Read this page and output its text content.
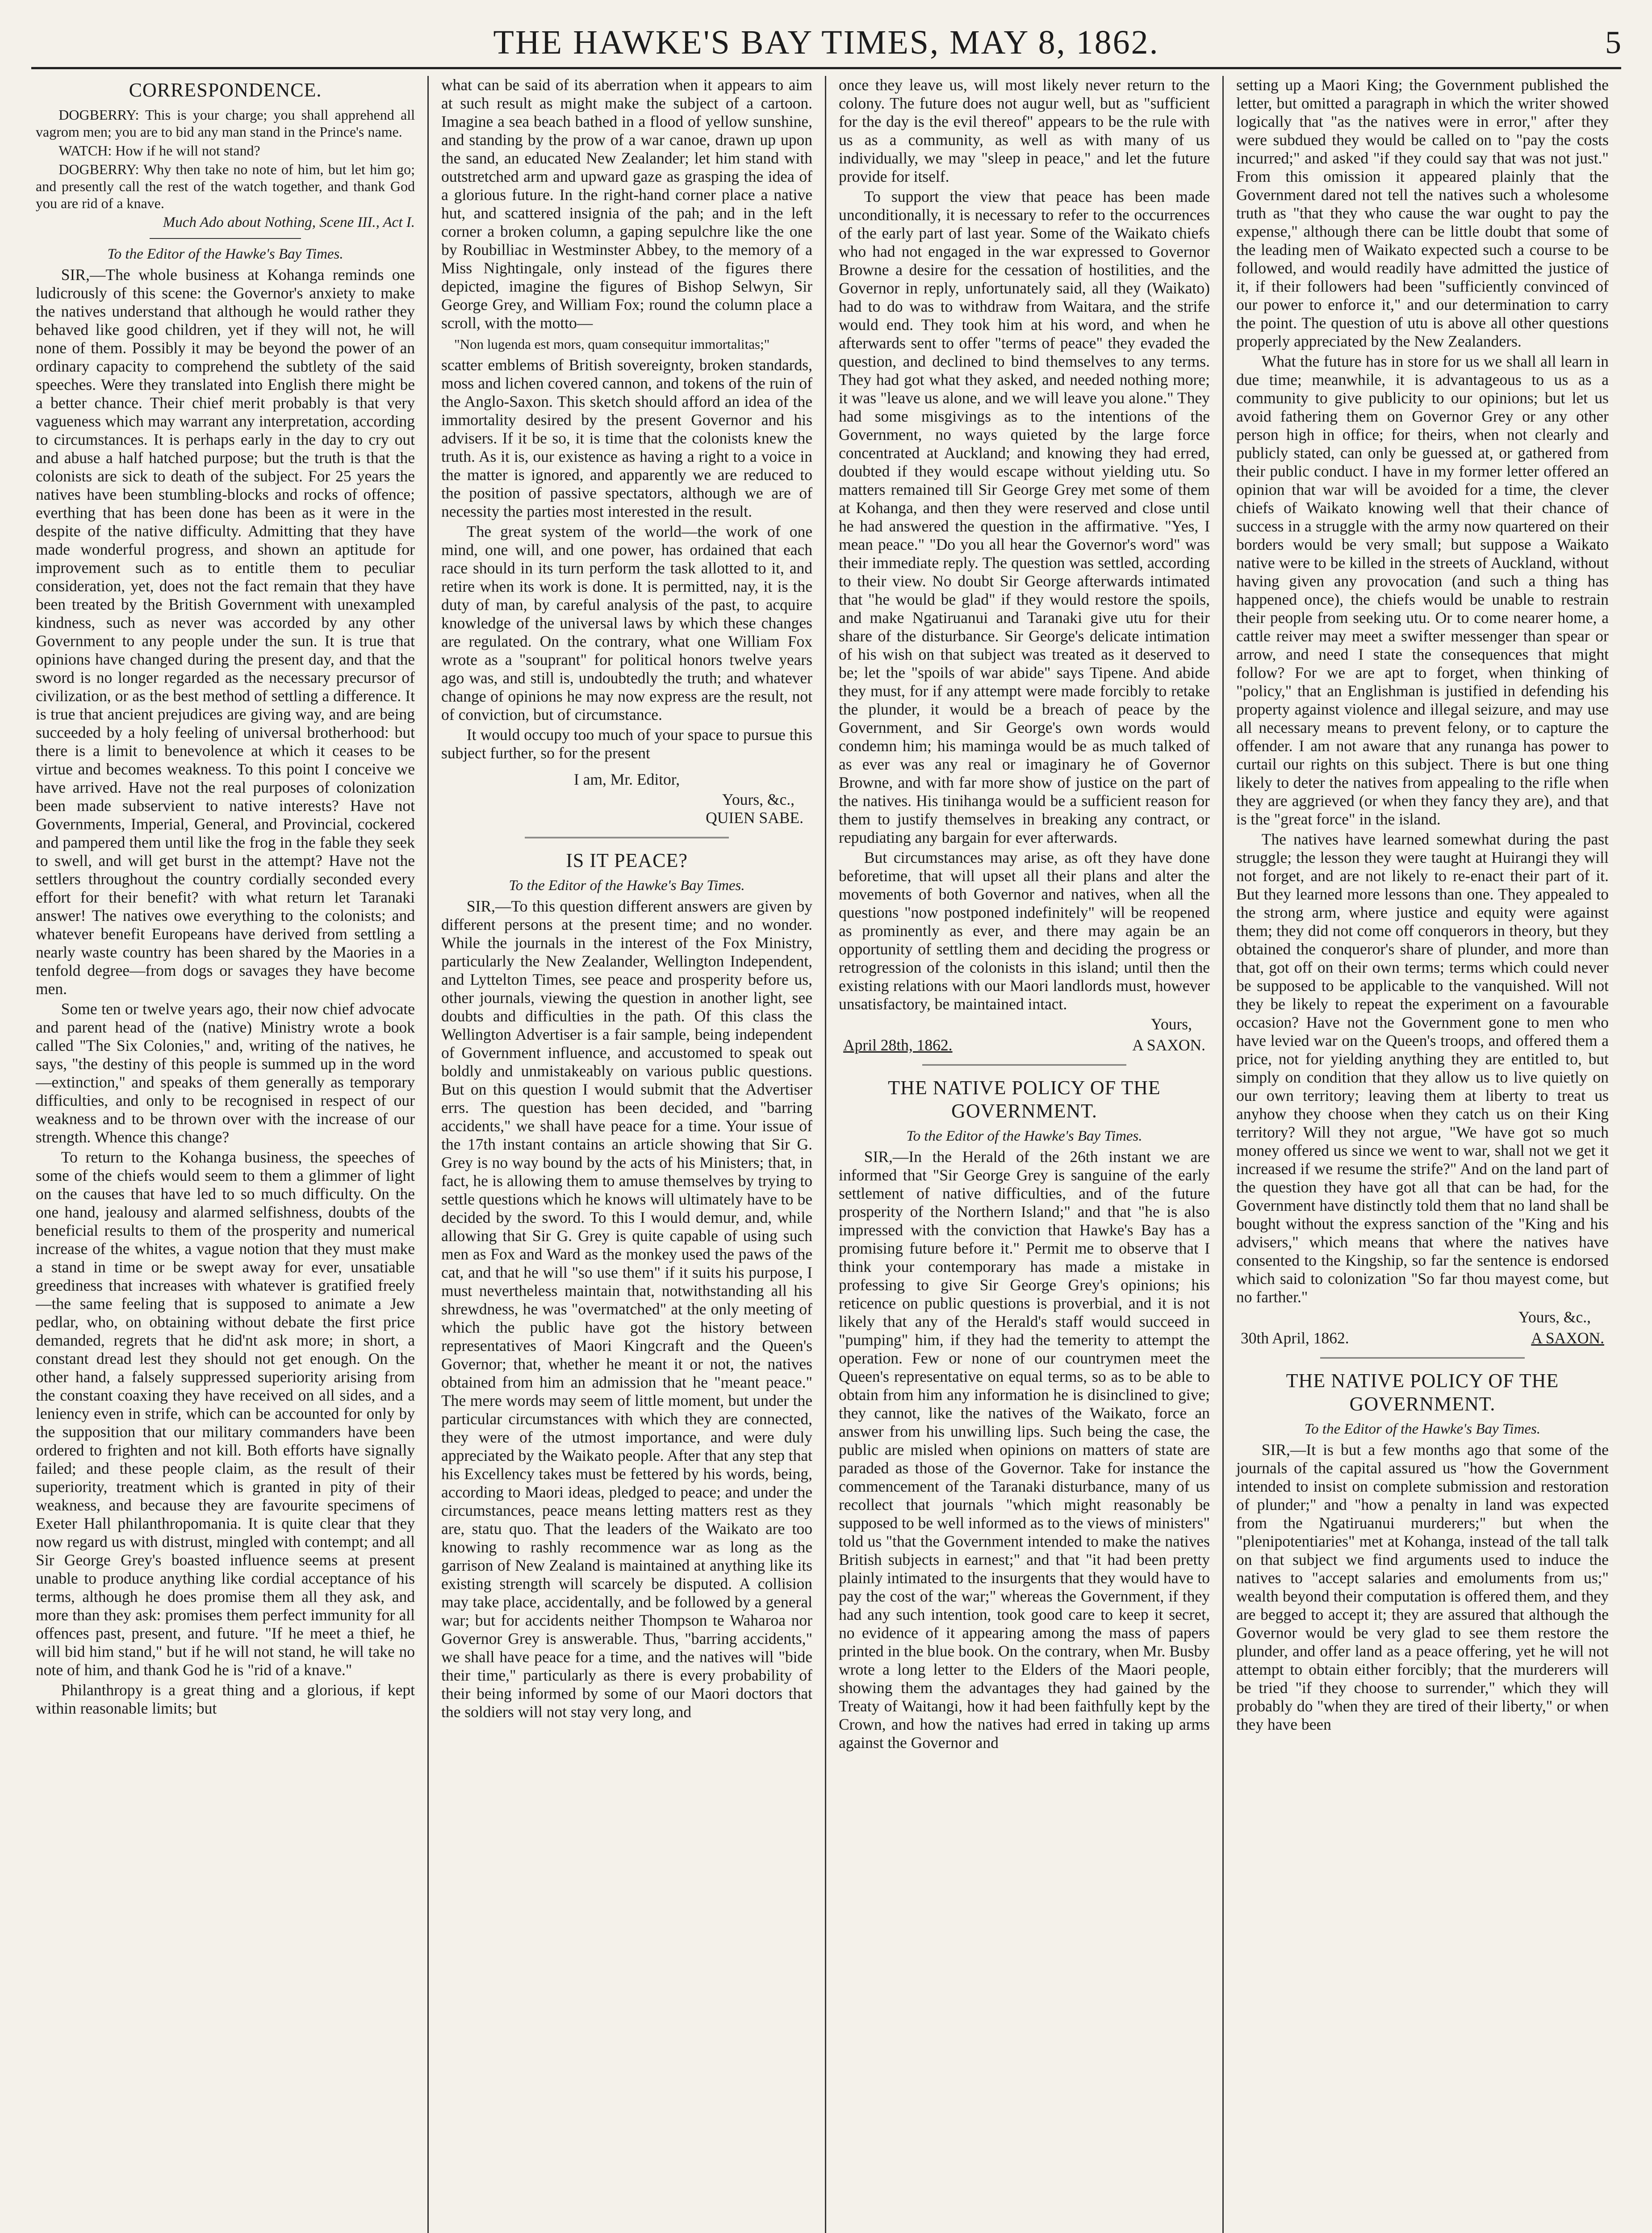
THE HAWKE'S BAY TIMES, MAY 8, 1862.	5
CORRESPONDENCE.

DOGBERRY: This is your charge; you shall apprehend all vagrom men; you are to bid any man stand in the Prince's name.

WATCH: How if he will not stand?

DOGBERRY: Why then take no note of him, but let him go; and presently call the rest of the watch together, and thank God you are rid of a knave.

Much Ado about Nothing, Scene III., Act I.
To the Editor of the Hawke's Bay Times.

SIR,—The whole business at Kohanga reminds one ludicrously of this scene: the Governor's anxiety to make the natives understand that although he would rather they behaved like good children, yet if they will not, he will none of them. Possibly it may be beyond the power of an ordinary capacity to comprehend the subtlety of the said speeches. Were they translated into English there might be a better chance. Their chief merit probably is that very vagueness which may warrant any interpretation, according to circumstances. It is perhaps early in the day to cry out and abuse a half hatched purpose; but the truth is that the colonists are sick to death of the subject. For 25 years the natives have been stumbling-blocks and rocks of offence; everthing that has been done has been as it were in the despite of the native difficulty. Admitting that they have made wonderful progress, and shown an aptitude for improvement such as to entitle them to peculiar consideration, yet, does not the fact remain that they have been treated by the British Government with unexampled kindness, such as never was accorded by any other Government to any people under the sun. It is true that opinions have changed during the present day, and that the sword is no longer regarded as the necessary precursor of civilization, or as the best method of settling a difference. It is true that ancient prejudices are giving way, and are being succeeded by a holy feeling of universal brotherhood: but there is a limit to benevolence at which it ceases to be virtue and becomes weakness. To this point I conceive we have arrived. Have not the real purposes of colonization been made subservient to native interests? Have not Governments, Imperial, General, and Provincial, cockered and pampered them until like the frog in the fable they seek to swell, and will get burst in the attempt? Have not the settlers throughout the country cordially seconded every effort for their benefit? with what return let Taranaki answer! The natives owe everything to the colonists; and whatever benefit Europeans have derived from settling a nearly waste country has been shared by the Maories in a tenfold degree—from dogs or savages they have become men.

Some ten or twelve years ago, their now chief advocate and parent head of the (native) Ministry wrote a book called "The Six Colonies," and, writing of the natives, he says, "the destiny of this people is summed up in the word—extinction," and speaks of them generally as temporary difficulties, and only to be recognised in respect of our weakness and to be thrown over with the increase of our strength. Whence this change?

To return to the Kohanga business, the speeches of some of the chiefs would seem to them a glimmer of light on the causes that have led to so much difficulty. On the one hand, jealousy and alarmed selfishness, doubts of the beneficial results to them of the prosperity and numerical increase of the whites, a vague notion that they must make a stand in time or be swept away for ever, unsatiable greediness that increases with whatever is gratified freely—the same feeling that is supposed to animate a Jew pedlar, who, on obtaining without debate the first price demanded, regrets that he did'nt ask more; in short, a constant dread lest they should not get enough. On the other hand, a falsely suppressed superiority arising from the constant coaxing they have received on all sides, and a leniency even in strife, which can be accounted for only by the supposition that our military commanders have been ordered to frighten and not kill. Both efforts have signally failed; and these people claim, as the result of their superiority, treatment which is granted in pity of their weakness, and because they are favourite specimens of Exeter Hall philanthropomania. It is quite clear that they now regard us with distrust, mingled with contempt; and all Sir George Grey's boasted influence seems at present unable to produce anything like cordial acceptance of his terms, although he does promise them all they ask, and more than they ask: promises them perfect immunity for all offences past, present, and future. "If he meet a thief, he will bid him stand," but if he will not stand, he will take no note of him, and thank God he is "rid of a knave."

Philanthropy is a great thing and a glorious, if kept within reasonable limits; but

what can be said of its aberration when it appears to aim at such result as might make the subject of a cartoon. Imagine a sea beach bathed in a flood of yellow sunshine, and standing by the prow of a war canoe, drawn up upon the sand, an educated New Zealander; let him stand with outstretched arm and upward gaze as grasping the idea of a glorious future. In the right-hand corner place a native hut, and scattered insignia of the pah; and in the left corner a broken column, a gaping sepulchre like the one by Roubilliac in Westminster Abbey, to the memory of a Miss Nightingale, only instead of the figures there depicted, imagine the figures of Bishop Selwyn, Sir George Grey, and William Fox; round the column place a scroll, with the motto—

"Non lugenda est mors, quam consequitur immortalitas;"

scatter emblems of British sovereignty, broken standards, moss and lichen covered cannon, and tokens of the ruin of the Anglo-Saxon. This sketch should afford an idea of the immortality desired by the present Governor and his advisers. If it be so, it is time that the colonists knew the truth. As it is, our existence as having a right to a voice in the matter is ignored, and apparently we are reduced to the position of passive spectators, although we are of necessity the parties most interested in the result.

The great system of the world—the work of one mind, one will, and one power, has ordained that each race should in its turn perform the task allotted to it, and retire when its work is done. It is permitted, nay, it is the duty of man, by careful analysis of the past, to acquire knowledge of the universal laws by which these changes are regulated. On the contrary, what one William Fox wrote as a "souprant" for political honors twelve years ago was, and still is, undoubtedly the truth; and whatever change of opinions he may now express are the result, not of conviction, but of circumstance.

It would occupy too much of your space to pursue this subject further, so for the present

I am, Mr. Editor,

Yours, &c.,

QUIEN SABE.

IS IT PEACE?
To the Editor of the Hawke's Bay Times.

SIR,—To this question different answers are given by different persons at the present time; and no wonder. While the journals in the interest of the Fox Ministry, particularly the New Zealander, Wellington Independent, and Lyttelton Times, see peace and prosperity before us, other journals, viewing the question in another light, see doubts and difficulties in the path. Of this class the Wellington Advertiser is a fair sample, being independent of Government influence, and accustomed to speak out boldly and unmistakeably on various public questions. But on this question I would submit that the Advertiser errs. The question has been decided, and "barring accidents," we shall have peace for a time. Your issue of the 17th instant contains an article showing that Sir G. Grey is no way bound by the acts of his Ministers; that, in fact, he is allowing them to amuse themselves by trying to settle questions which he knows will ultimately have to be decided by the sword. To this I would demur, and, while allowing that Sir G. Grey is quite capable of using such men as Fox and Ward as the monkey used the paws of the cat, and that he will "so use them" if it suits his purpose, I must nevertheless maintain that, notwithstanding all his shrewdness, he was "overmatched" at the only meeting of which the public have got the history between representatives of Maori Kingcraft and the Queen's Governor; that, whether he meant it or not, the natives obtained from him an admission that he "meant peace." The mere words may seem of little moment, but under the particular circumstances with which they are connected, they were of the utmost importance, and were duly appreciated by the Waikato people. After that any step that his Excellency takes must be fettered by his words, being, according to Maori ideas, pledged to peace; and under the circumstances, peace means letting matters rest as they are, statu quo. That the leaders of the Waikato are too knowing to rashly recommence war as long as the garrison of New Zealand is maintained at anything like its existing strength will scarcely be disputed. A collision may take place, accidentally, and be followed by a general war; but for accidents neither Thompson te Waharoa nor Governor Grey is answerable. Thus, "barring accidents," we shall have peace for a time, and the natives will "bide their time," particularly as there is every probability of their being informed by some of our Maori doctors that the soldiers will not stay very long, and

once they leave us, will most likely never return to the colony. The future does not augur well, but as "sufficient for the day is the evil thereof" appears to be the rule with us as a community, as well as with many of us individually, we may "sleep in peace," and let the future provide for itself.

To support the view that peace has been made unconditionally, it is necessary to refer to the occurrences of the early part of last year. Some of the Waikato chiefs who had not engaged in the war expressed to Governor Browne a desire for the cessation of hostilities, and the Governor in reply, unfortunately said, all they (Waikato) had to do was to withdraw from Waitara, and the strife would end. They took him at his word, and when he afterwards sent to offer "terms of peace" they evaded the question, and declined to bind themselves to any terms. They had got what they asked, and needed nothing more; it was "leave us alone, and we will leave you alone." They had some misgivings as to the intentions of the Government, no ways quieted by the large force concentrated at Auckland; and knowing they had erred, doubted if they would escape without yielding utu. So matters remained till Sir George Grey met some of them at Kohanga, and then they were reserved and close until he had answered the question in the affirmative. "Yes, I mean peace." "Do you all hear the Governor's word" was their immediate reply. The question was settled, according to their view. No doubt Sir George afterwards intimated that "he would be glad" if they would restore the spoils, and make Ngatiruanui and Taranaki give utu for their share of the disturbance. Sir George's delicate intimation of his wish on that subject was treated as it deserved to be; let the "spoils of war abide" says Tipene. And abide they must, for if any attempt were made forcibly to retake the plunder, it would be a breach of peace by the Government, and Sir George's own words would condemn him; his maminga would be as much talked of as ever was any real or imaginary he of Governor Browne, and with far more show of justice on the part of the natives. His tinihanga would be a sufficient reason for them to justify themselves in breaking any contract, or repudiating any bargain for ever afterwards.

But circumstances may arise, as oft they have done beforetime, that will upset all their plans and alter the movements of both Governor and natives, when all the questions "now postponed indefinitely" will be reopened as prominently as ever, and there may again be an opportunity of settling them and deciding the progress or retrogression of the colonists in this island; until then the existing relations with our Maori landlords must, however unsatisfactory, be maintained intact.

Yours,

April 28th, 1862.	A SAXON.
THE NATIVE POLICY OF THE GOVERNMENT.
To the Editor of the Hawke's Bay Times.

SIR,—In the Herald of the 26th instant we are informed that "Sir George Grey is sanguine of the early settlement of native difficulties, and of the future prosperity of the Northern Island;" and that "he is also impressed with the conviction that Hawke's Bay has a promising future before it." Permit me to observe that I think your contemporary has made a mistake in professing to give Sir George Grey's opinions; his reticence on public questions is proverbial, and it is not likely that any of the Herald's staff would succeed in "pumping" him, if they had the temerity to attempt the operation. Few or none of our countrymen meet the Queen's representative on equal terms, so as to be able to obtain from him any information he is disinclined to give; they cannot, like the natives of the Waikato, force an answer from his unwilling lips. Such being the case, the public are misled when opinions on matters of state are paraded as those of the Governor. Take for instance the commencement of the Taranaki disturbance, many of us recollect that journals "which might reasonably be supposed to be well informed as to the views of ministers" told us "that the Government intended to make the natives British subjects in earnest;" and that "it had been pretty plainly intimated to the insurgents that they would have to pay the cost of the war;" whereas the Government, if they had any such intention, took good care to keep it secret, no evidence of it appearing among the mass of papers printed in the blue book. On the contrary, when Mr. Busby wrote a long letter to the Elders of the Maori people, showing them the advantages they had gained by the Treaty of Waitangi, how it had been faithfully kept by the Crown, and how the natives had erred in taking up arms against the Governor and

setting up a Maori King; the Government published the letter, but omitted a paragraph in which the writer showed logically that "as the natives were in error," after they were subdued they would be called on to "pay the costs incurred;" and asked "if they could say that was not just." From this omission it appeared plainly that the Government dared not tell the natives such a wholesome truth as "that they who cause the war ought to pay the expense," although there can be little doubt that some of the leading men of Waikato expected such a course to be followed, and would readily have admitted the justice of it, if their followers had been "sufficiently convinced of our power to enforce it," and our determination to carry the point. The question of utu is above all other questions properly appreciated by the New Zealanders.

What the future has in store for us we shall all learn in due time; meanwhile, it is advantageous to us as a community to give publicity to our opinions; but let us avoid fathering them on Governor Grey or any other person high in office; for theirs, when not clearly and publicly stated, can only be guessed at, or gathered from their public conduct. I have in my former letter offered an opinion that war will be avoided for a time, the clever chiefs of Waikato knowing well that their chance of success in a struggle with the army now quartered on their borders would be very small; but suppose a Waikato native were to be killed in the streets of Auckland, without having given any provocation (and such a thing has happened once), the chiefs would be unable to restrain their people from seeking utu. Or to come nearer home, a cattle reiver may meet a swifter messenger than spear or arrow, and need I state the consequences that might follow? For we are apt to forget, when thinking of "policy," that an Englishman is justified in defending his property against violence and illegal seizure, and may use all necessary means to prevent felony, or to capture the offender. I am not aware that any runanga has power to curtail our rights on this subject. There is but one thing likely to deter the natives from appealing to the rifle when they are aggrieved (or when they fancy they are), and that is the "great force" in the island.

The natives have learned somewhat during the past struggle; the lesson they were taught at Huirangi they will not forget, and are not likely to re-enact their part of it. But they learned more lessons than one. They appealed to the strong arm, where justice and equity were against them; they did not come off conquerors in theory, but they obtained the conqueror's share of plunder, and more than that, got off on their own terms; terms which could never be supposed to be applicable to the vanquished. Will not they be likely to repeat the experiment on a favourable occasion? Have not the Government gone to men who have levied war on the Queen's troops, and offered them a price, not for yielding anything they are entitled to, but simply on condition that they allow us to live quietly on our own territory; leaving them at liberty to treat us anyhow they choose when they catch us on their King territory? Will they not argue, "We have got so much money offered us since we went to war, shall not we get it increased if we resume the strife?" And on the land part of the question they have got all that can be had, for the Government have distinctly told them that no land shall be bought without the express sanction of the "King and his advisers," which means that where the natives have consented to the Kingship, so far the sentence is endorsed which said to colonization "So far thou mayest come, but no farther."

Yours, &c.,

30th April, 1862.	A SAXON.
THE NATIVE POLICY OF THE GOVERNMENT.
To the Editor of the Hawke's Bay Times.

SIR,—It is but a few months ago that some of the journals of the capital assured us "how the Government intended to insist on complete submission and restoration of plunder;" and "how a penalty in land was expected from the Ngatiruanui murderers;" but when the "plenipotentiaries" met at Kohanga, instead of the tall talk on that subject we find arguments used to induce the natives to "accept salaries and emoluments from us;" wealth beyond their computation is offered them, and they are begged to accept it; they are assured that although the Governor would be very glad to see them restore the plunder, and offer land as a peace offering, yet he will not attempt to obtain either forcibly; that the murderers will be tried "if they choose to surrender," which they will probably do "when they are tired of their liberty," or when they have been
